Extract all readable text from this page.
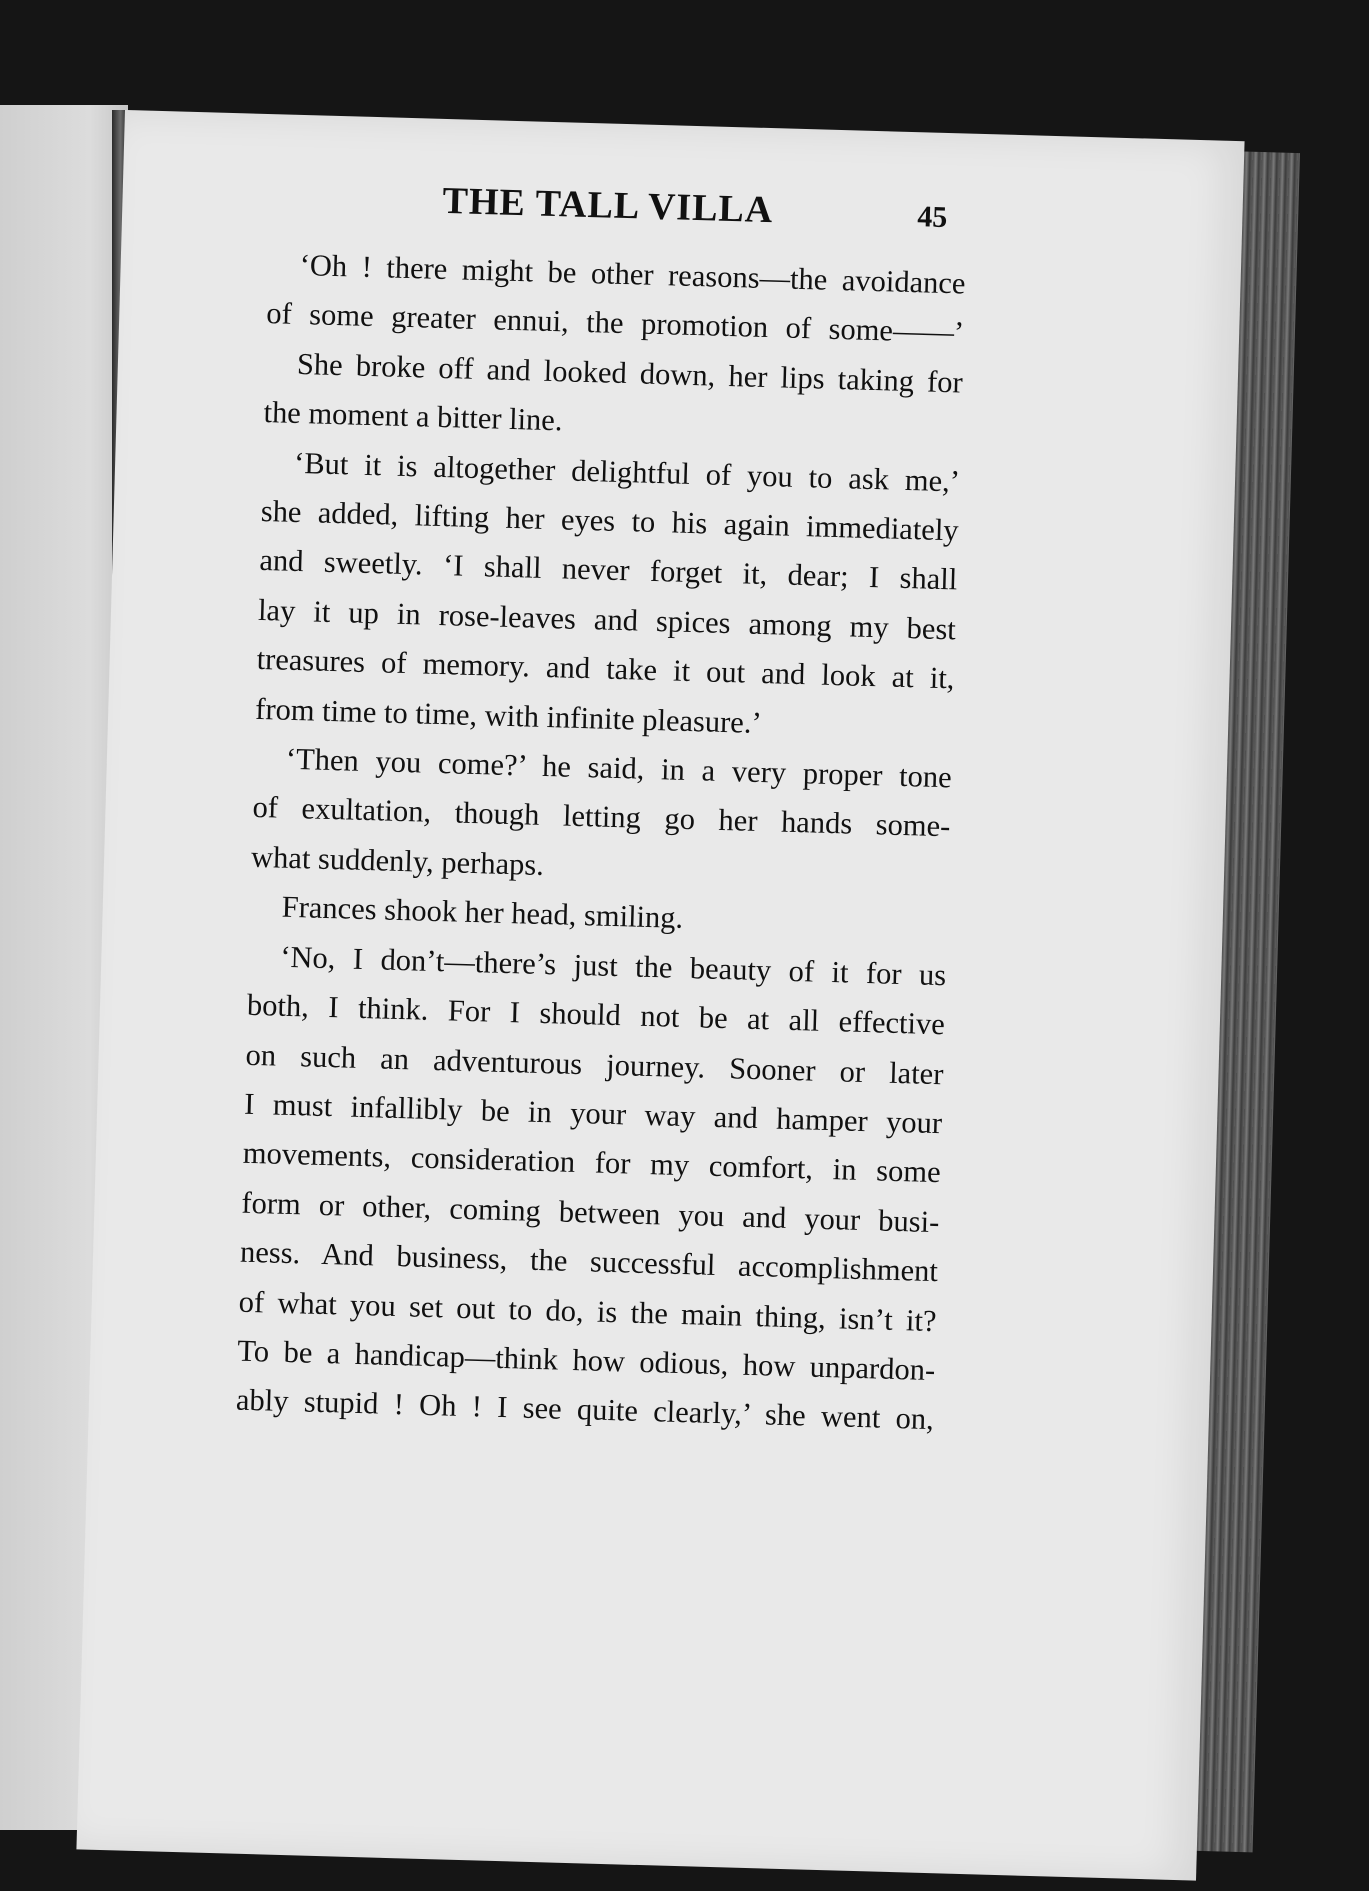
THE TALL VILLA	45

‘Oh ! there might be other reasons—the avoidance
of some greater ennui, the promotion of some——’

She broke off and looked down, her lips taking for
the moment a bitter line.

‘But it is altogether delightful of you to ask me,’
she added, lifting her eyes to his again immediately
and sweetly. ‘I shall never forget it, dear; I shall
lay it up in rose-leaves and spices among my best
treasures of memory. and take it out and look at it,
from time to time, with infinite pleasure.’

‘Then you come?’ he said, in a very proper tone
of exultation, though letting go her hands some-
what suddenly, perhaps.

Frances shook her head, smiling.

‘No, I don’t—there’s just the beauty of it for us
both, I think. For I should not be at all effective
on such an adventurous journey. Sooner or later
I must infallibly be in your way and hamper your
movements, consideration for my comfort, in some
form or other, coming between you and your busi-
ness. And business, the successful accomplishment
of what you set out to do, is the main thing, isn’t it?
To be a handicap—think how odious, how unpardon-
ably stupid ! Oh ! I see quite clearly,’ she went on,
